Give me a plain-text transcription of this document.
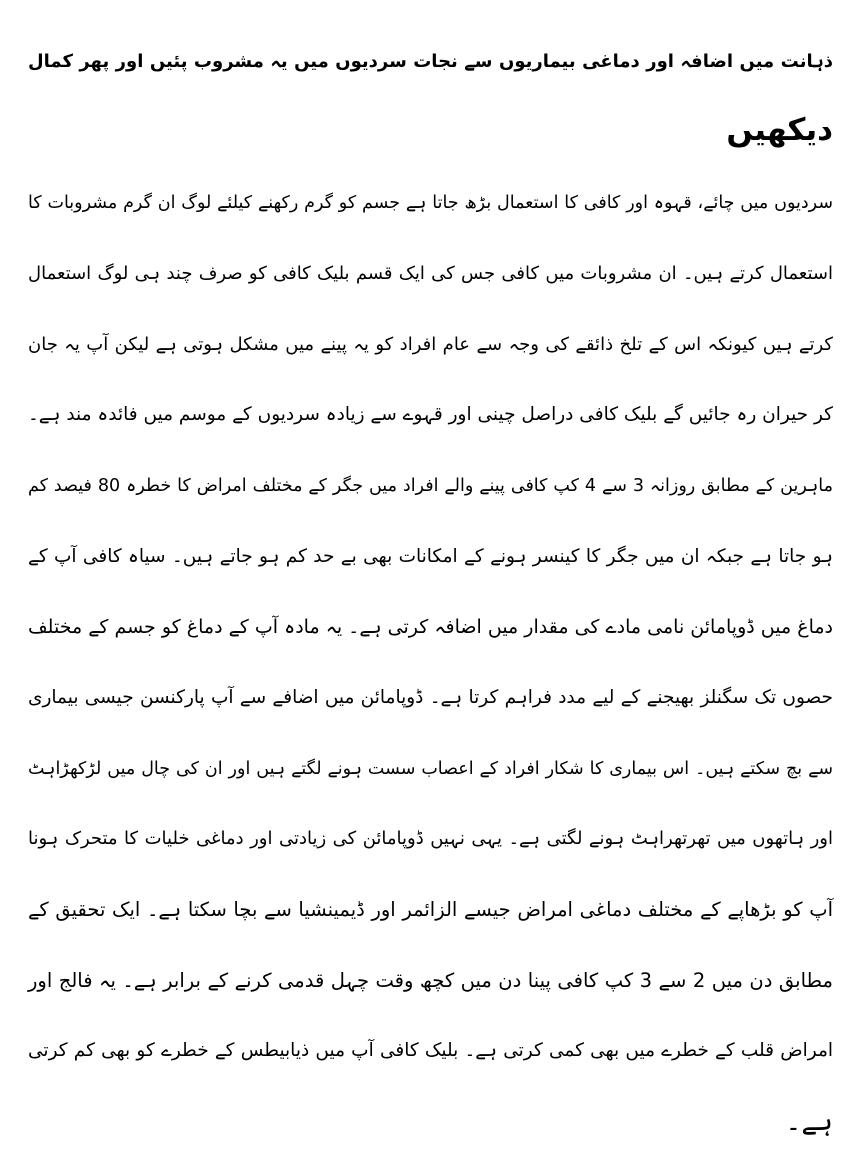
ذہانت میں اضافہ اور دماغی بیماریوں سے نجات سردیوں میں یہ مشروب پئیں اور پھر کمال
دیکھیں
سردیوں میں چائے، قہوہ اور کافی کا استعمال بڑھ جاتا ہے جسم کو گرم رکھنے کیلئے لوگ ان گرم مشروبات کا
استعمال کرتے ہیں۔ ان مشروبات میں کافی جس کی ایک قسم بلیک کافی کو صرف چند ہی لوگ استعمال
کرتے ہیں کیونکہ اس کے تلخ ذائقے کی وجہ سے عام افراد کو یہ پینے میں مشکل ہوتی ہے لیکن آپ یہ جان
کر حیران رہ جائیں گے بلیک کافی دراصل چینی اور قہوے سے زیادہ سردیوں کے موسم میں فائدہ مند ہے۔
ماہرین کے مطابق روزانہ 3 سے 4 کپ کافی پینے والے افراد میں جگر کے مختلف امراض کا خطرہ 80 فیصد کم
ہو جاتا ہے جبکہ ان میں جگر کا کینسر ہونے کے امکانات بھی بے حد کم ہو جاتے ہیں۔ سیاہ کافی آپ کے
دماغ میں ڈوپامائن نامی مادے کی مقدار میں اضافہ کرتی ہے۔ یہ مادہ آپ کے دماغ کو جسم کے مختلف
حصوں تک سگنلز بھیجنے کے لیے مدد فراہم کرتا ہے۔ ڈوپامائن میں اضافے سے آپ پارکنسن جیسی بیماری
سے بچ سکتے ہیں۔ اس بیماری کا شکار افراد کے اعصاب سست ہونے لگتے ہیں اور ان کی چال میں لڑکھڑاہٹ
اور ہاتھوں میں تھرتھراہٹ ہونے لگتی ہے۔ یہی نہیں ڈوپامائن کی زیادتی اور دماغی خلیات کا متحرک ہونا
آپ کو بڑھاپے کے مختلف دماغی امراض جیسے الزائمر اور ڈیمینشیا سے بچا سکتا ہے۔ ایک تحقیق کے
مطابق دن میں 2 سے 3 کپ کافی پینا دن میں کچھ وقت چہل قدمی کرنے کے برابر ہے۔ یہ فالج اور
امراض قلب کے خطرے میں بھی کمی کرتی ہے۔ بلیک کافی آپ میں ذیابیطس کے خطرے کو بھی کم کرتی
ہے۔
